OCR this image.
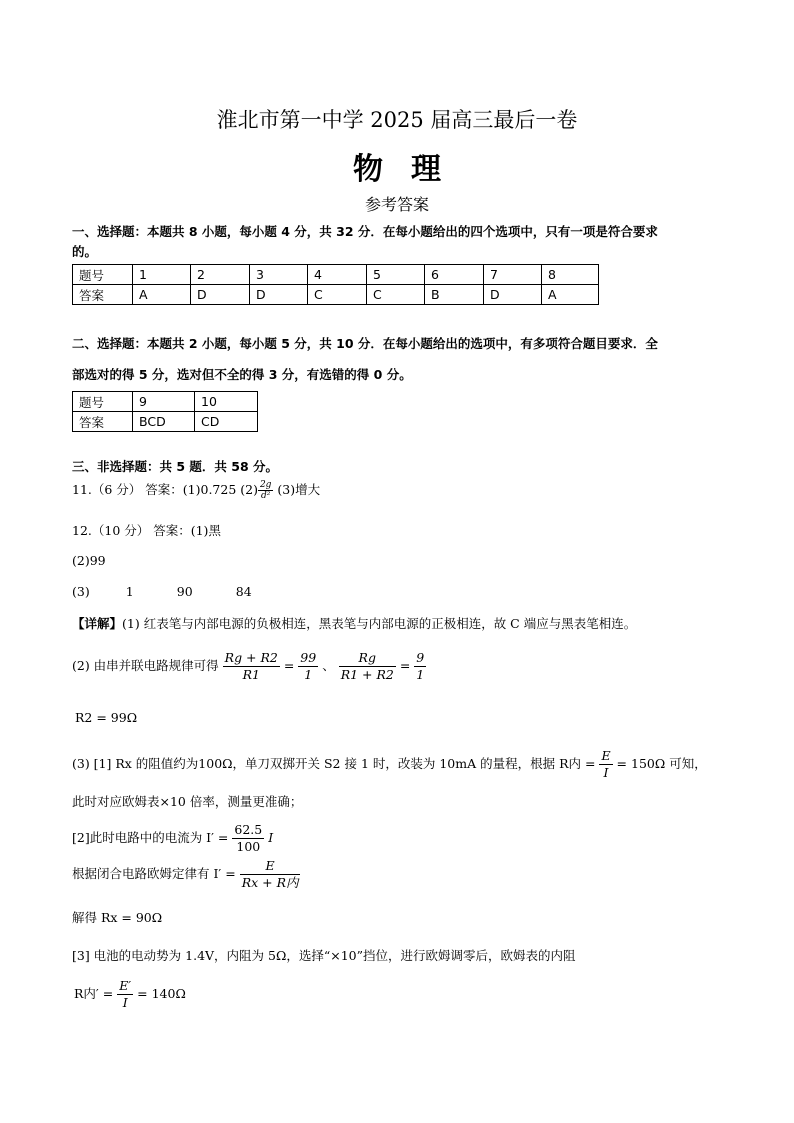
淮北市第一中学 2025 届高三最后一卷
物理
参考答案
一、选择题：本题共 8 小题，每小题 4 分，共 32 分．在每小题给出的四个选项中，只有一项是符合要求
的。
题号	1	2	3	4	5	6	7	8
答案	A	D	D	C	C	B	D	A
二、选择题：本题共 2 小题，每小题 5 分，共 10 分．在每小题给出的选项中，有多项符合题目要求．全
部选对的得 5 分，选对但不全的得 3 分，有选错的得 0 分。
题号	9	10
答案	BCD	CD
三、非选择题：共 5 题．共 58 分。
11.（6 分） 答案：(1)0.725 $(2) \frac{2g}{\text{d²}} (3)$增大
12.（10 分） 答案：(1)黑
(2)99
(3)	1	90	84
【详解】(1) 红表笔与内部电源的负极相连，黑表笔与内部电源的正极相连，故 C 端应与黑表笔相连。
(2) 由串并联电路规律可得 $\frac{Rg + R2}{R1} = \frac{99}{1}$ 、 $\frac{Rg}{R1 + R2} = \frac{9}{1}$
R2 = 99Ω
(3) [1] Rx 的阻值约为100Ω，单刀双掷开关 S2 接 1 时，改装为 10mA 的量程，根据 R内 = $\frac{E}{I} = 150\Omega$ 可知，
此时对应欧姆表×10 倍率，测量更准确；
[2]此时电路中的电流为 $I' = \frac{62.5}{100}$ I
根据闭合电路欧姆定律有 $I' = \frac{E}{\text{Rx + R内}}$
解得 Rx = 90Ω
[3] 电池的电动势为 1.4V，内阻为 5Ω，选择“×10”挡位，进行欧姆调零后，欧姆表的内阻
R内′ = $\frac{E'}{I} = 140\Omega$
